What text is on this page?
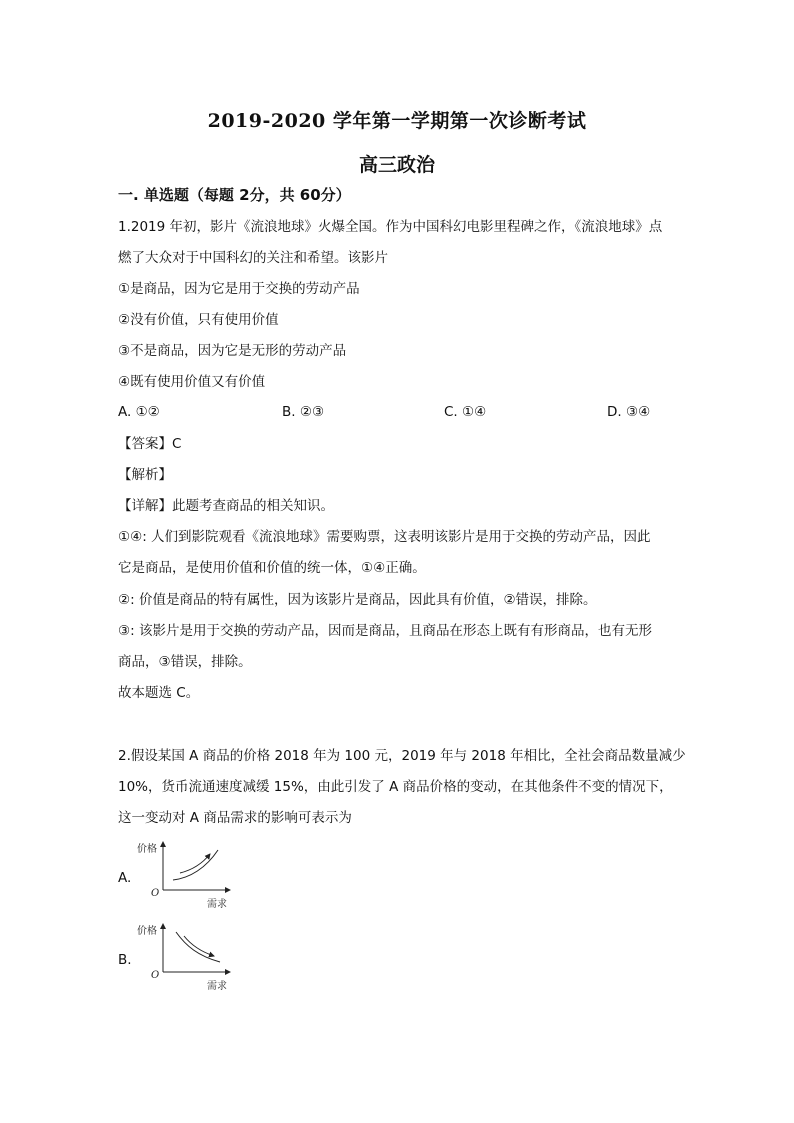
2019-2020 学年第一学期第一次诊断考试
高三政治
一. 单选题（每题 2分，共 60分）
1.2019 年初，影片《流浪地球》火爆全国。作为中国科幻电影里程碑之作，《流浪地球》点
燃了大众对于中国科幻的关注和希望。该影片
①是商品，因为它是用于交换的劳动产品
②没有价值，只有使用价值
③不是商品，因为它是无形的劳动产品
④既有使用价值又有价值
A. ①②	B. ②③	C. ①④	D. ③④
【答案】C
【解析】
【详解】此题考查商品的相关知识。
①④: 人们到影院观看《流浪地球》需要购票，这表明该影片是用于交换的劳动产品，因此
它是商品，是使用价值和价值的统一体，①④正确。
②: 价值是商品的特有属性，因为该影片是商品，因此具有价值，②错误，排除。
③: 该影片是用于交换的劳动产品，因而是商品，且商品在形态上既有有形商品，也有无形
商品，③错误，排除。
故本题选 C。
2.假设某国 A 商品的价格 2018 年为 100 元，2019 年与 2018 年相比，全社会商品数量减少
10%，货币流通速度减缓 15%，由此引发了 A 商品价格的变动，在其他条件不变的情况下，
这一变动对 A 商品需求的影响可表示为
A.
价格
O
需求
B.
价格
O
需求
